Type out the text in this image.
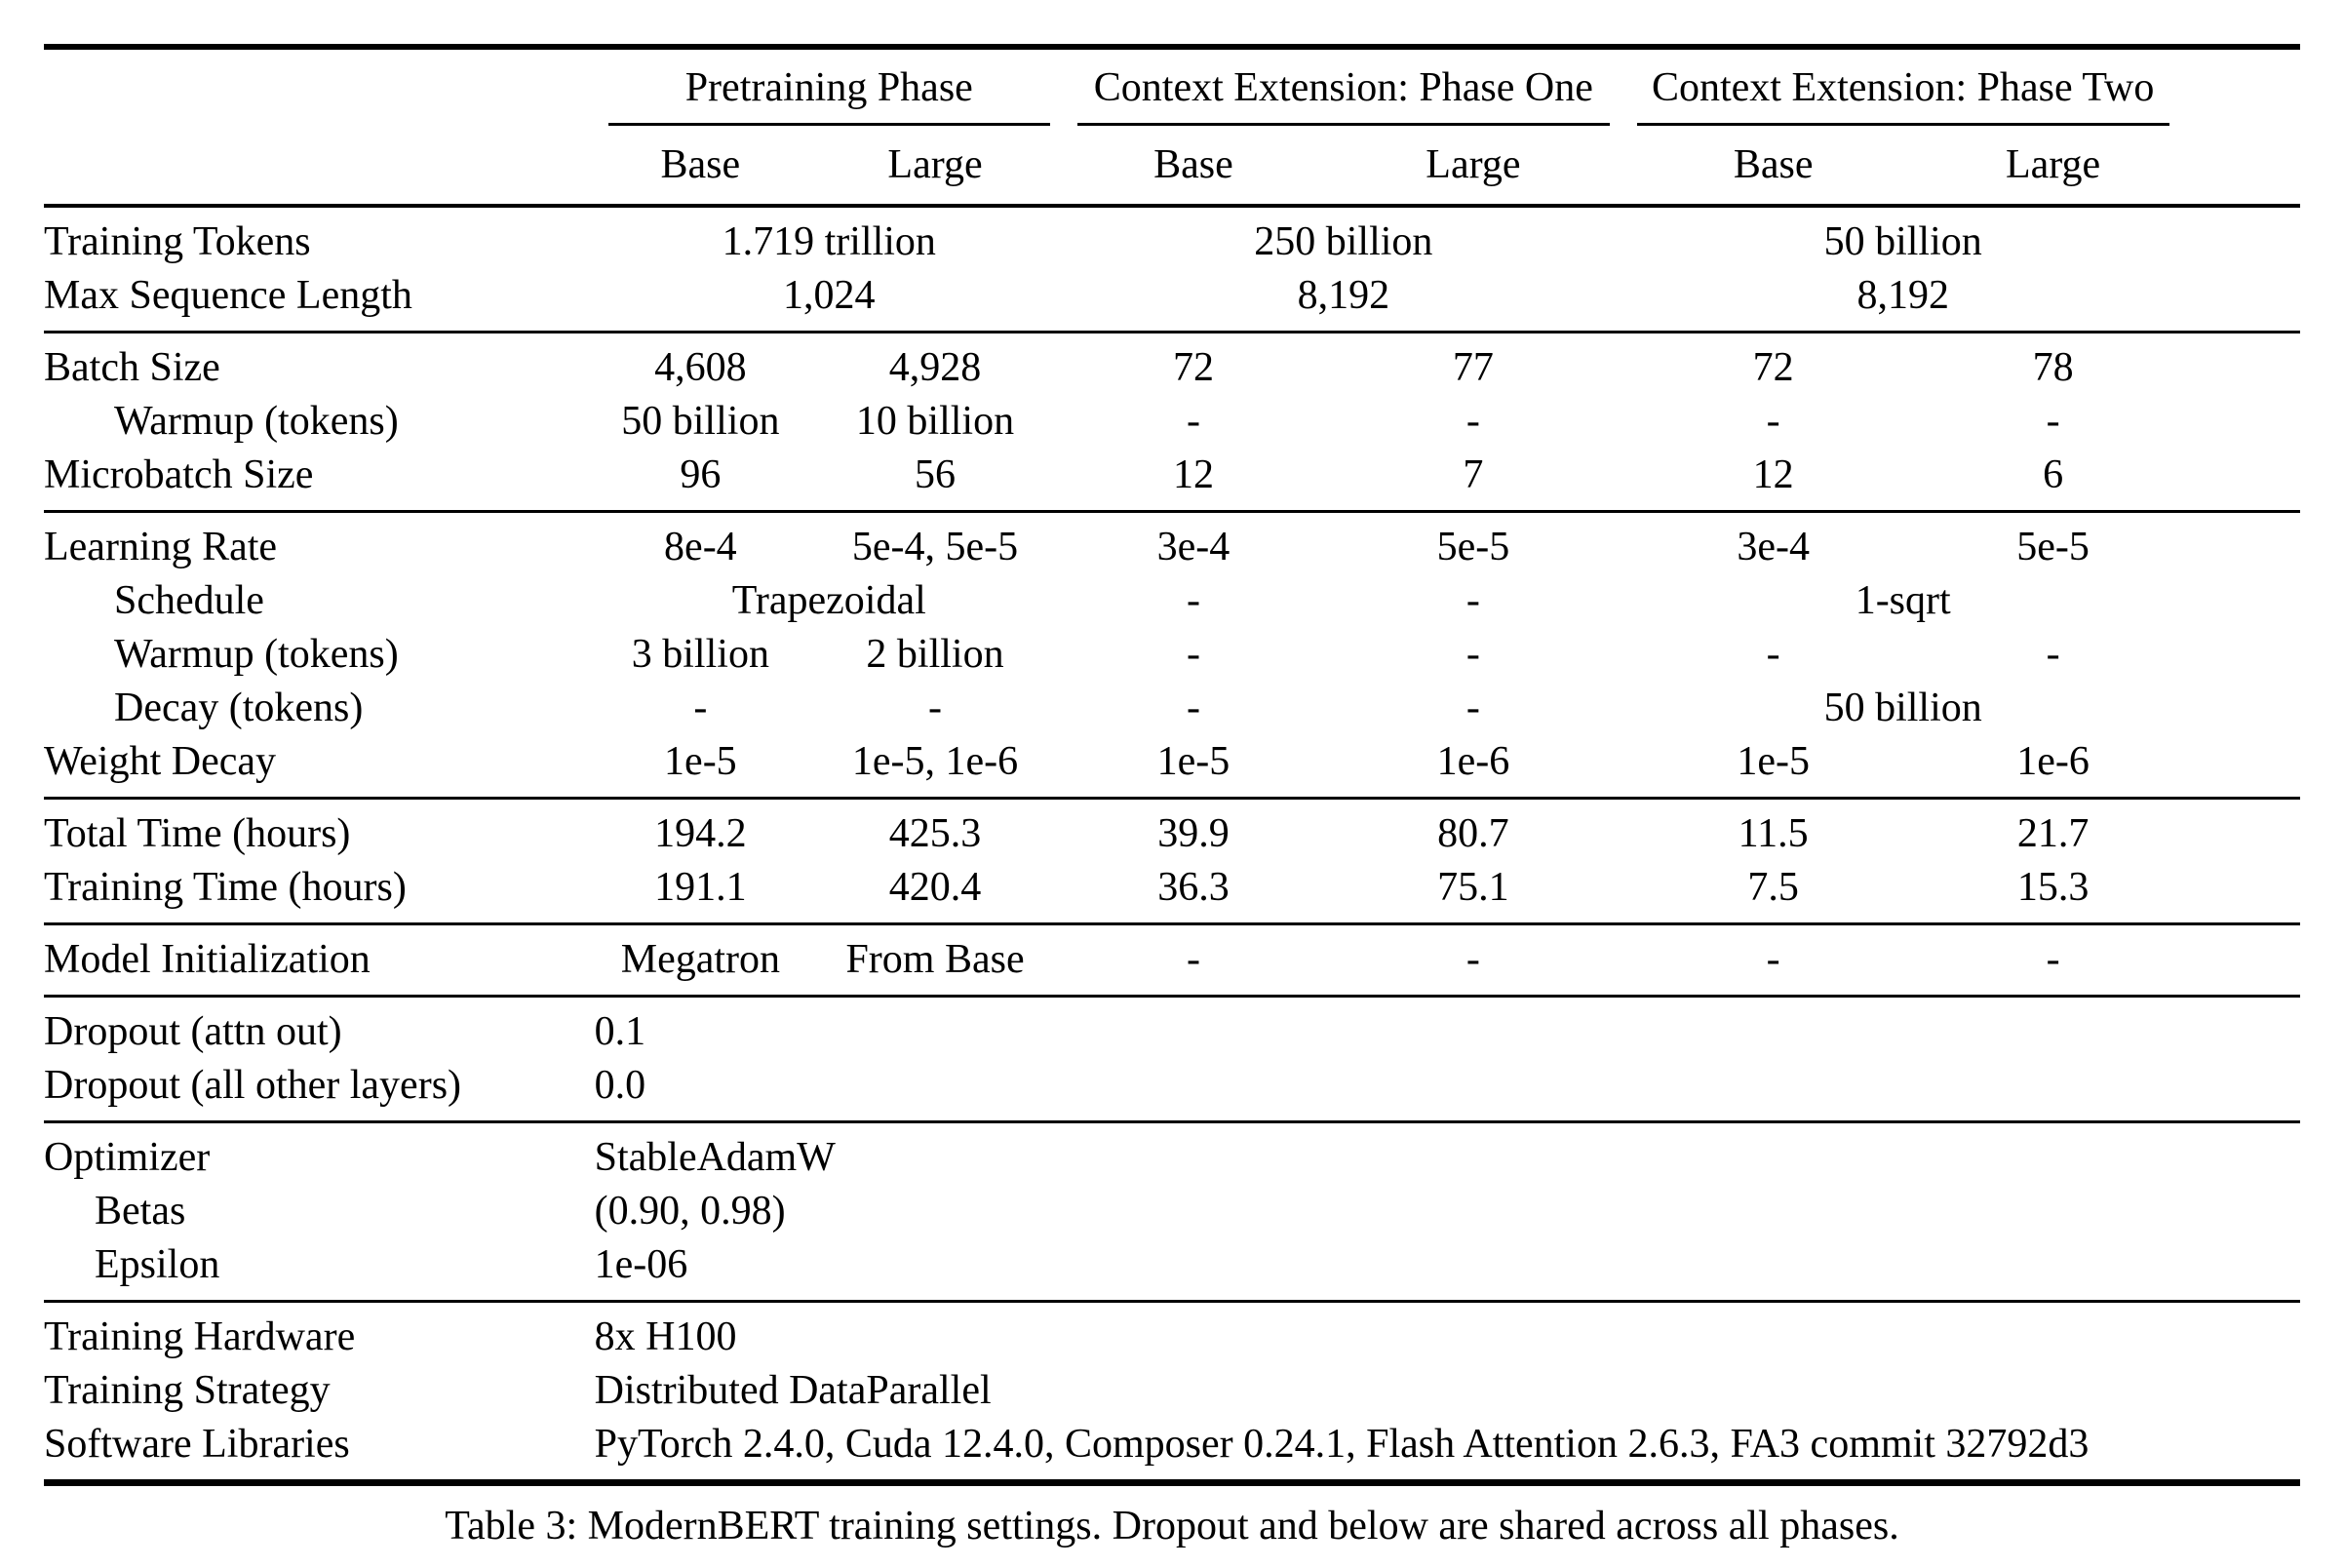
	Pretraining Phase		Context Extension: Phase One		Context Extension: Phase Two		

	Base	Large	Base	Large	Base	Large	
Training Tokens	1.719 trillion		250 billion		50 billion		
Max Sequence Length	1,024		8,192		8,192		
Batch Size	4,608	4,928	72	77	72	78	
Warmup (tokens)	50 billion	10 billion	-	-	-	-	
Microbatch Size	96	56	12	7	12	6	
Learning Rate	8e-4	5e-4, 5e-5	3e-4	5e-5	3e-4	5e-5	
Schedule	Trapezoidal		-	-	1-sqrt		
Warmup (tokens)	3 billion	2 billion	-	-	-	-	
Decay (tokens)	-	-	-	-	50 billion		
Weight Decay	1e-5	1e-5, 1e-6	1e-5	1e-6	1e-5	1e-6	
Total Time (hours)	194.2	425.3	39.9	80.7	11.5	21.7	
Training Time (hours)	191.1	420.4	36.3	75.1	7.5	15.3	
Model Initialization	Megatron	From Base	-	-	-	-	
Dropout (attn out)	0.1						
Dropout (all other layers)	0.0						
Optimizer	StableAdamW						
Betas	(0.90, 0.98)						
Epsilon	1e-06						
Training Hardware	8x H100						
Training Strategy	Distributed DataParallel						
Software Libraries	PyTorch 2.4.0, Cuda 12.4.0, Composer 0.24.1, Flash Attention 2.6.3, FA3 commit 32792d3						
Table 3: ModernBERT training settings. Dropout and below are shared across all phases.
